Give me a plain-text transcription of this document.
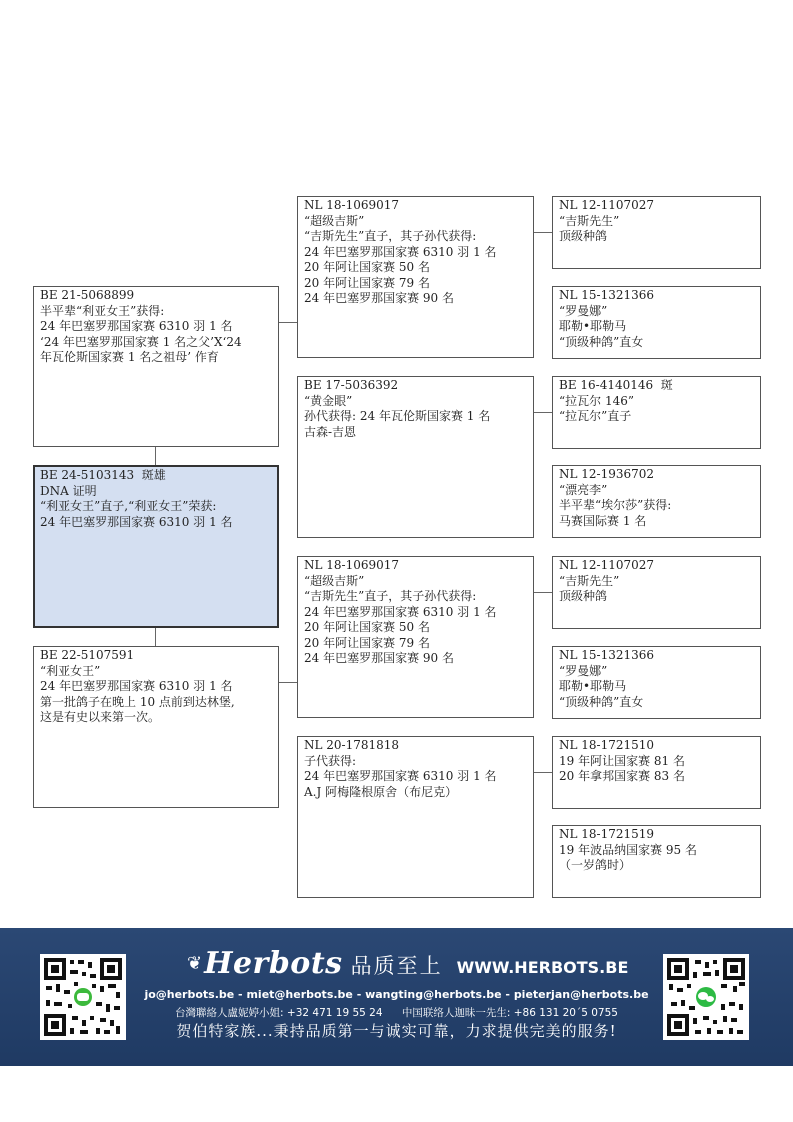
BE 21-5068899
半平辈“利亚女王”获得:
24 年巴塞罗那国家赛 6310 羽 1 名
‘24 年巴塞罗那国家赛 1 名之父’X‘24
年瓦伦斯国家赛 1 名之祖母’ 作育
BE 24-5103143  斑雄
DNA 证明
“利亚女王”直子,“利亚女王”荣获:
24 年巴塞罗那国家赛 6310 羽 1 名
BE 22-5107591
“利亚女王”
24 年巴塞罗那国家赛 6310 羽 1 名
第一批鸽子在晚上 10 点前到达林堡,
这是有史以来第一次。
NL 18-1069017
“超级吉斯”
“吉斯先生”直子，其子孙代获得:
24 年巴塞罗那国家赛 6310 羽 1 名
20 年阿让国家赛 50 名
20 年阿让国家赛 79 名
24 年巴塞罗那国家赛 90 名
BE 17-5036392
“黄金眼”
孙代获得: 24 年瓦伦斯国家赛 1 名
古森-吉恩
NL 18-1069017
“超级吉斯”
“吉斯先生”直子，其子孙代获得:
24 年巴塞罗那国家赛 6310 羽 1 名
20 年阿让国家赛 50 名
20 年阿让国家赛 79 名
24 年巴塞罗那国家赛 90 名
NL 20-1781818
子代获得:
24 年巴塞罗那国家赛 6310 羽 1 名
A.J 阿梅隆根原舍（布尼克）
NL 12-1107027
“吉斯先生”
顶级种鸽
NL 15-1321366
“罗曼娜”
耶勒•耶勒马
“顶级种鸽”直女
BE 16-4140146  斑
“拉瓦尔 146”
“拉瓦尔”直子
NL 12-1936702
“漂亮李”
半平辈“埃尔莎”获得:
马赛国际赛 1 名
NL 12-1107027
“吉斯先生”
顶级种鸽
NL 15-1321366
“罗曼娜”
耶勒•耶勒马
“顶级种鸽”直女
NL 18-1721510
19 年阿让国家赛 81 名
20 年拿邦国家赛 83 名
NL 18-1721519
19 年波品纳国家赛 95 名
（一岁鸽时）
❦Herbots 品质至上 WWW.HERBOTS.BE
jo@herbots.be - miet@herbots.be - wangting@herbots.be - pieterjan@herbots.be
台灣聯絡人盧妮婷小姐: +32 471 19 55 24 中国联络人迦昧一先生: +86 131 20´5 0755
贺伯特家族...秉持品质第一与诚实可靠，力求提供完美的服务!
